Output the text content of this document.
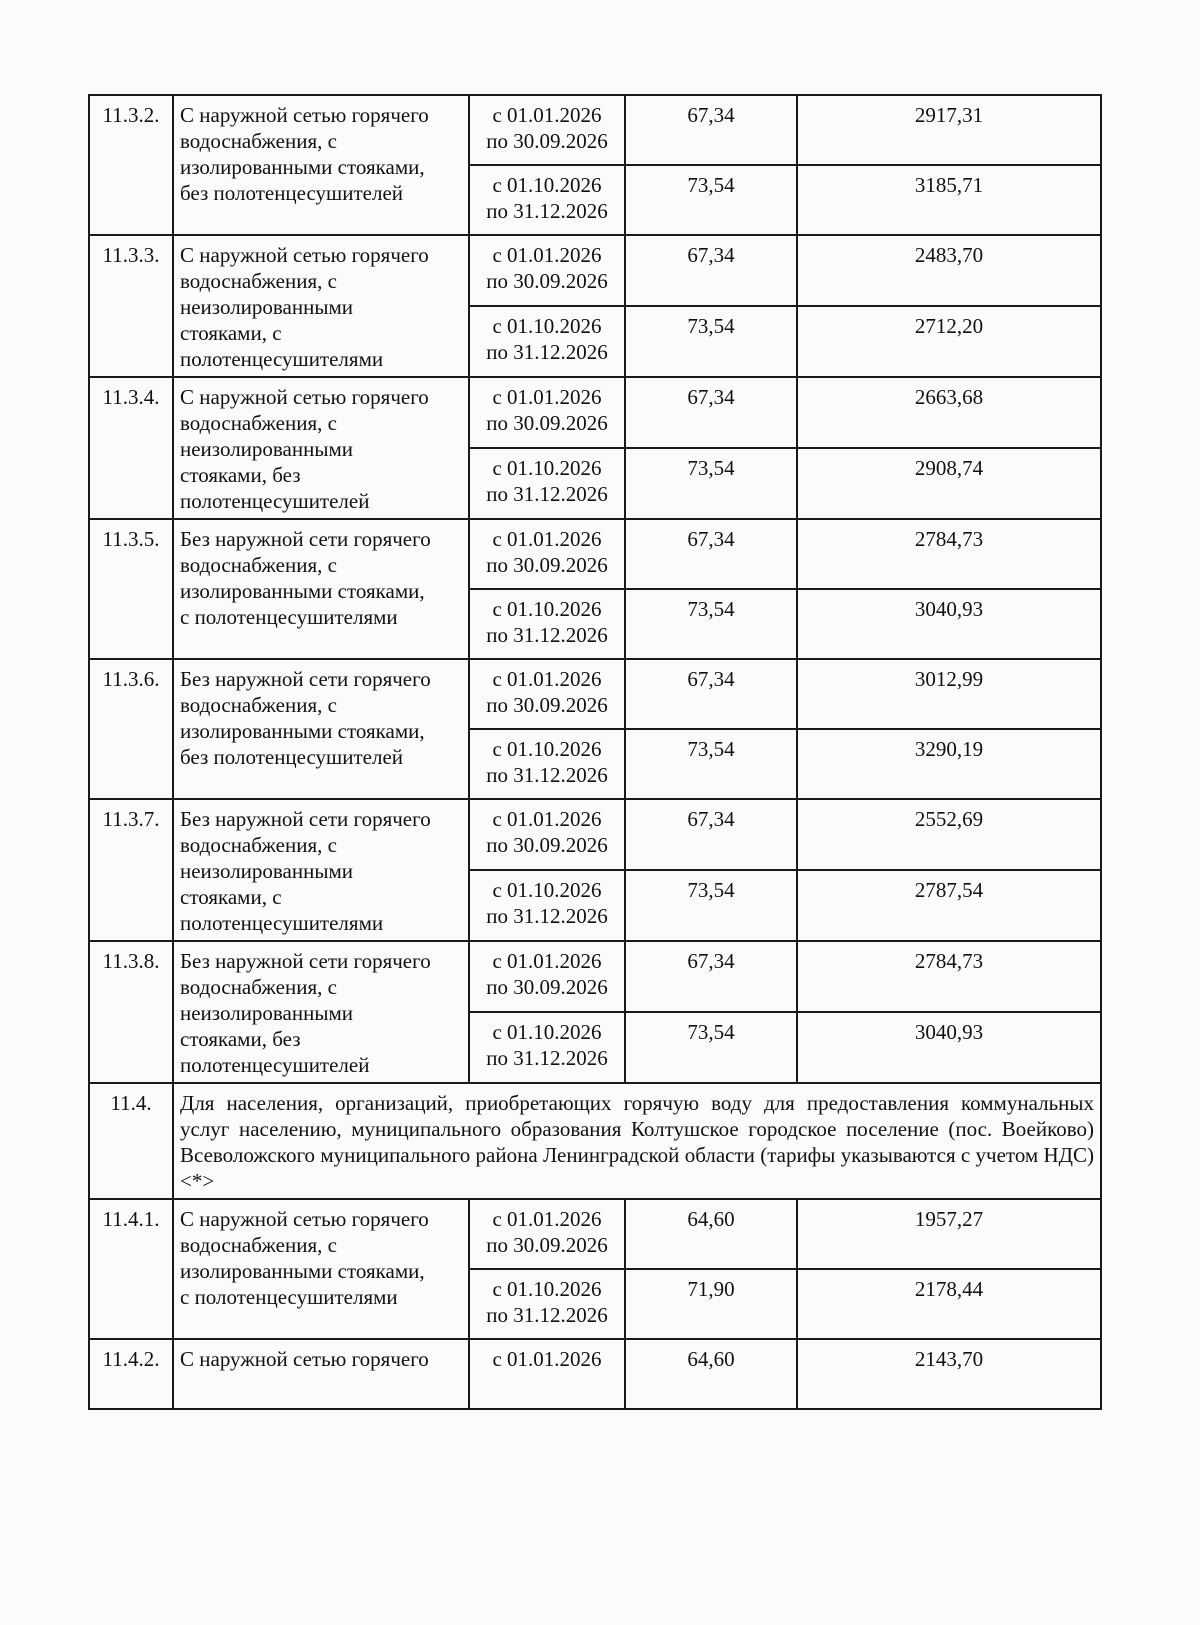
11.3.2.	С наружной сетью горячего
водоснабжения, с
изолированными стояками,
без полотенцесушителей	с 01.01.2026
по 30.09.2026	67,34	2917,31

		с 01.10.2026
по 31.12.2026	73,54	3185,71
11.3.3.	С наружной сетью горячего
водоснабжения, с
неизолированными
стояками, с
полотенцесушителями	с 01.01.2026
по 30.09.2026	67,34	2483,70

		с 01.10.2026
по 31.12.2026	73,54	2712,20
11.3.4.	С наружной сетью горячего
водоснабжения, с
неизолированными
стояками, без
полотенцесушителей	с 01.01.2026
по 30.09.2026	67,34	2663,68

		с 01.10.2026
по 31.12.2026	73,54	2908,74
11.3.5.	Без наружной сети горячего
водоснабжения, с
изолированными стояками,
с полотенцесушителями	с 01.01.2026
по 30.09.2026	67,34	2784,73

		с 01.10.2026
по 31.12.2026	73,54	3040,93
11.3.6.	Без наружной сети горячего
водоснабжения, с
изолированными стояками,
без полотенцесушителей	с 01.01.2026
по 30.09.2026	67,34	3012,99

		с 01.10.2026
по 31.12.2026	73,54	3290,19
11.3.7.	Без наружной сети горячего
водоснабжения, с
неизолированными
стояками, с
полотенцесушителями	с 01.01.2026
по 30.09.2026	67,34	2552,69

		с 01.10.2026
по 31.12.2026	73,54	2787,54
11.3.8.	Без наружной сети горячего
водоснабжения, с
неизолированными
стояками, без
полотенцесушителей	с 01.01.2026
по 30.09.2026	67,34	2784,73

		с 01.10.2026
по 31.12.2026	73,54	3040,93
11.4.	Для населения, организаций, приобретающих горячую воду для предоставления коммунальных услуг населению, муниципального образования Колтушское городское поселение (пос. Воейково) Всеволожского муниципального района Ленинградской области (тарифы указываются с учетом НДС) <*>			
11.4.1.	С наружной сетью горячего
водоснабжения, с
изолированными стояками,
с полотенцесушителями	с 01.01.2026
по 30.09.2026	64,60	1957,27

		с 01.10.2026
по 31.12.2026	71,90	2178,44
11.4.2.	С наружной сетью горячего	с 01.01.2026	64,60	2143,70
